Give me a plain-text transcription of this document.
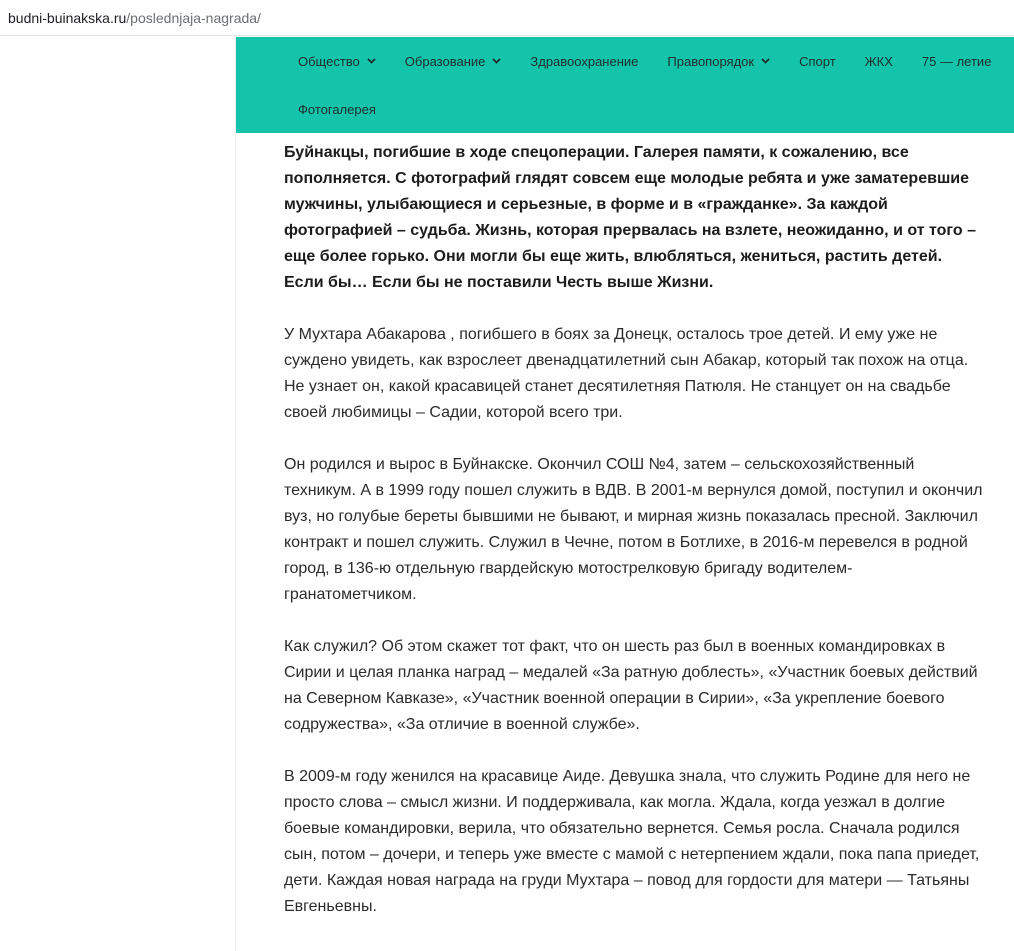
budni-buinakska.ru/poslednjaja-nagrada/
Общество	Образование	Здравоохранение Правопорядок	Спорт ЖКХ 75 — летие
Фотогалерея

Буйнакцы, погибшие в ходе спецоперации. Галерея памяти, к сожалению, все пополняется. С фотографий глядят совсем еще молодые ребята и уже заматеревшие мужчины, улыбающиеся и серьезные, в форме и в «гражданке». За каждой фотографией – судьба. Жизнь, которая прервалась на взлете, неожиданно, и от того – еще более горько. Они могли бы еще жить, влюбляться, жениться, растить детей. Если бы… Если бы не поставили Честь выше Жизни.

У Мухтара Абакарова , погибшего в боях за Донецк, осталось трое детей. И ему уже не суждено увидеть, как взрослеет двенадцатилетний сын Абакар, который так похож на отца. Не узнает он, какой красавицей станет десятилетняя Патюля. Не станцует он на свадьбе своей любимицы – Садии, которой всего три.

Он родился и вырос в Буйнакске. Окончил СОШ №4, затем – сельскохозяйственный техникум. А в 1999 году пошел служить в ВДВ. В 2001-м вернулся домой, поступил и окончил вуз, но голубые береты бывшими не бывают, и мирная жизнь показалась пресной. Заключил контракт и пошел служить. Служил в Чечне, потом в Ботлихе, в 2016-м перевелся в родной город, в 136-ю отдельную гвардейскую мотострелковую бригаду водителем-гранатометчиком.

Как служил? Об этом скажет тот факт, что он шесть раз был в военных командировках в Сирии и целая планка наград – медалей «За ратную доблесть», «Участник боевых действий на Северном Кавказе», «Участник военной операции в Сирии», «За укрепление боевого содружества», «За отличие в военной службе».

В 2009-м году женился на красавице Аиде. Девушка знала, что служить Родине для него не просто слова – смысл жизни. И поддерживала, как могла. Ждала, когда уезжал в долгие боевые командировки, верила, что обязательно вернется. Семья росла. Сначала родился сын, потом – дочери, и теперь уже вместе с мамой с нетерпением ждали, пока папа приедет, дети. Каждая новая награда на груди Мухтара – повод для гордости для матери — Татьяны Евгеньевны.
